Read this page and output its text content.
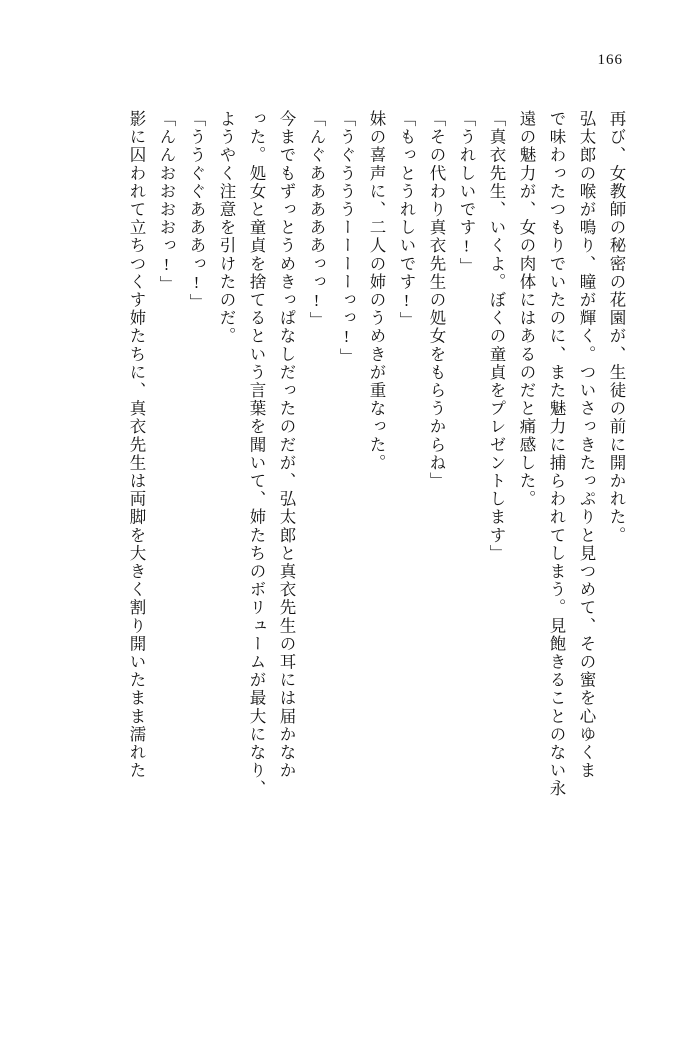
166
再び、女教師の秘密の花園が、生徒の前に開かれた。
弘太郎の喉が鳴り、瞳が輝く。ついさっきたっぷりと見つめて、その蜜を心ゆくま
で味わったつもりでいたのに、また魅力に捕らわれてしまう。見飽きることのない永
遠の魅力が、女の肉体にはあるのだと痛感した。
「真衣先生、いくよ。ぼくの童貞をプレゼントします」
「うれしいです!」
「その代わり真衣先生の処女をもらうからね」
「もっとうれしいです!」
妹の喜声に、二人の姉のうめきが重なった。
「うぐうううーーーーっっ!」
「んぐあああああっっ!」
今までもずっとうめきっぱなしだったのだが、弘太郎と真衣先生の耳には届かなか
った。処女と童貞を捨てるという言葉を聞いて、姉たちのボリュームが最大になり、
ようやく注意を引けたのだ。
「ううぐぐあああっ!」
「んんおおおおっ!」
影に囚われて立ちつくす姉たちに、真衣先生は両脚を大きく割り開いたまま濡れた
